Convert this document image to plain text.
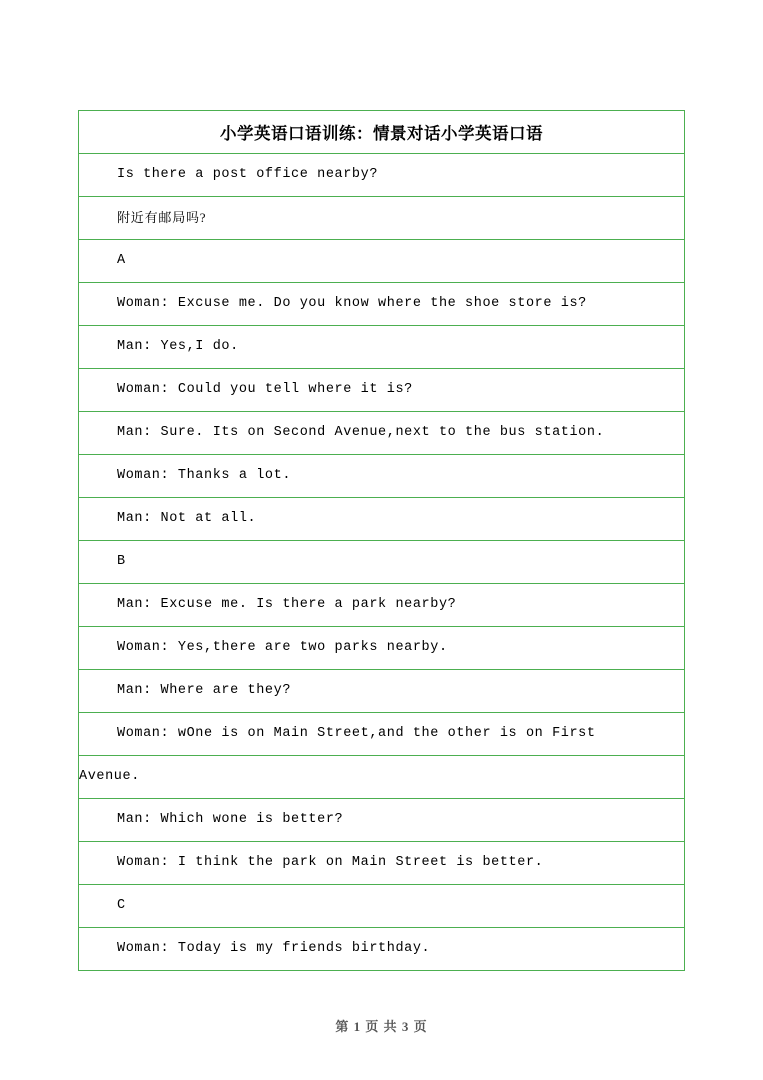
小学英语口语训练：情景对话小学英语口语

Is there a post office nearby?

附近有邮局吗?

A

Woman: Excuse me. Do you know where the shoe store is?

Man: Yes,I do.

Woman: Could you tell where it is?

Man: Sure. Its on Second Avenue,next to the bus station.

Woman: Thanks a lot.

Man: Not at all.

B

Man: Excuse me. Is there a park nearby?

Woman: Yes,there are two parks nearby.

Man: Where are they?

Woman: wOne is on Main Street,and the other is on First

Avenue.

Man: Which wone is better?

Woman: I think the park on Main Street is better.

C

Woman: Today is my friends birthday.
第 1 页 共 3 页
